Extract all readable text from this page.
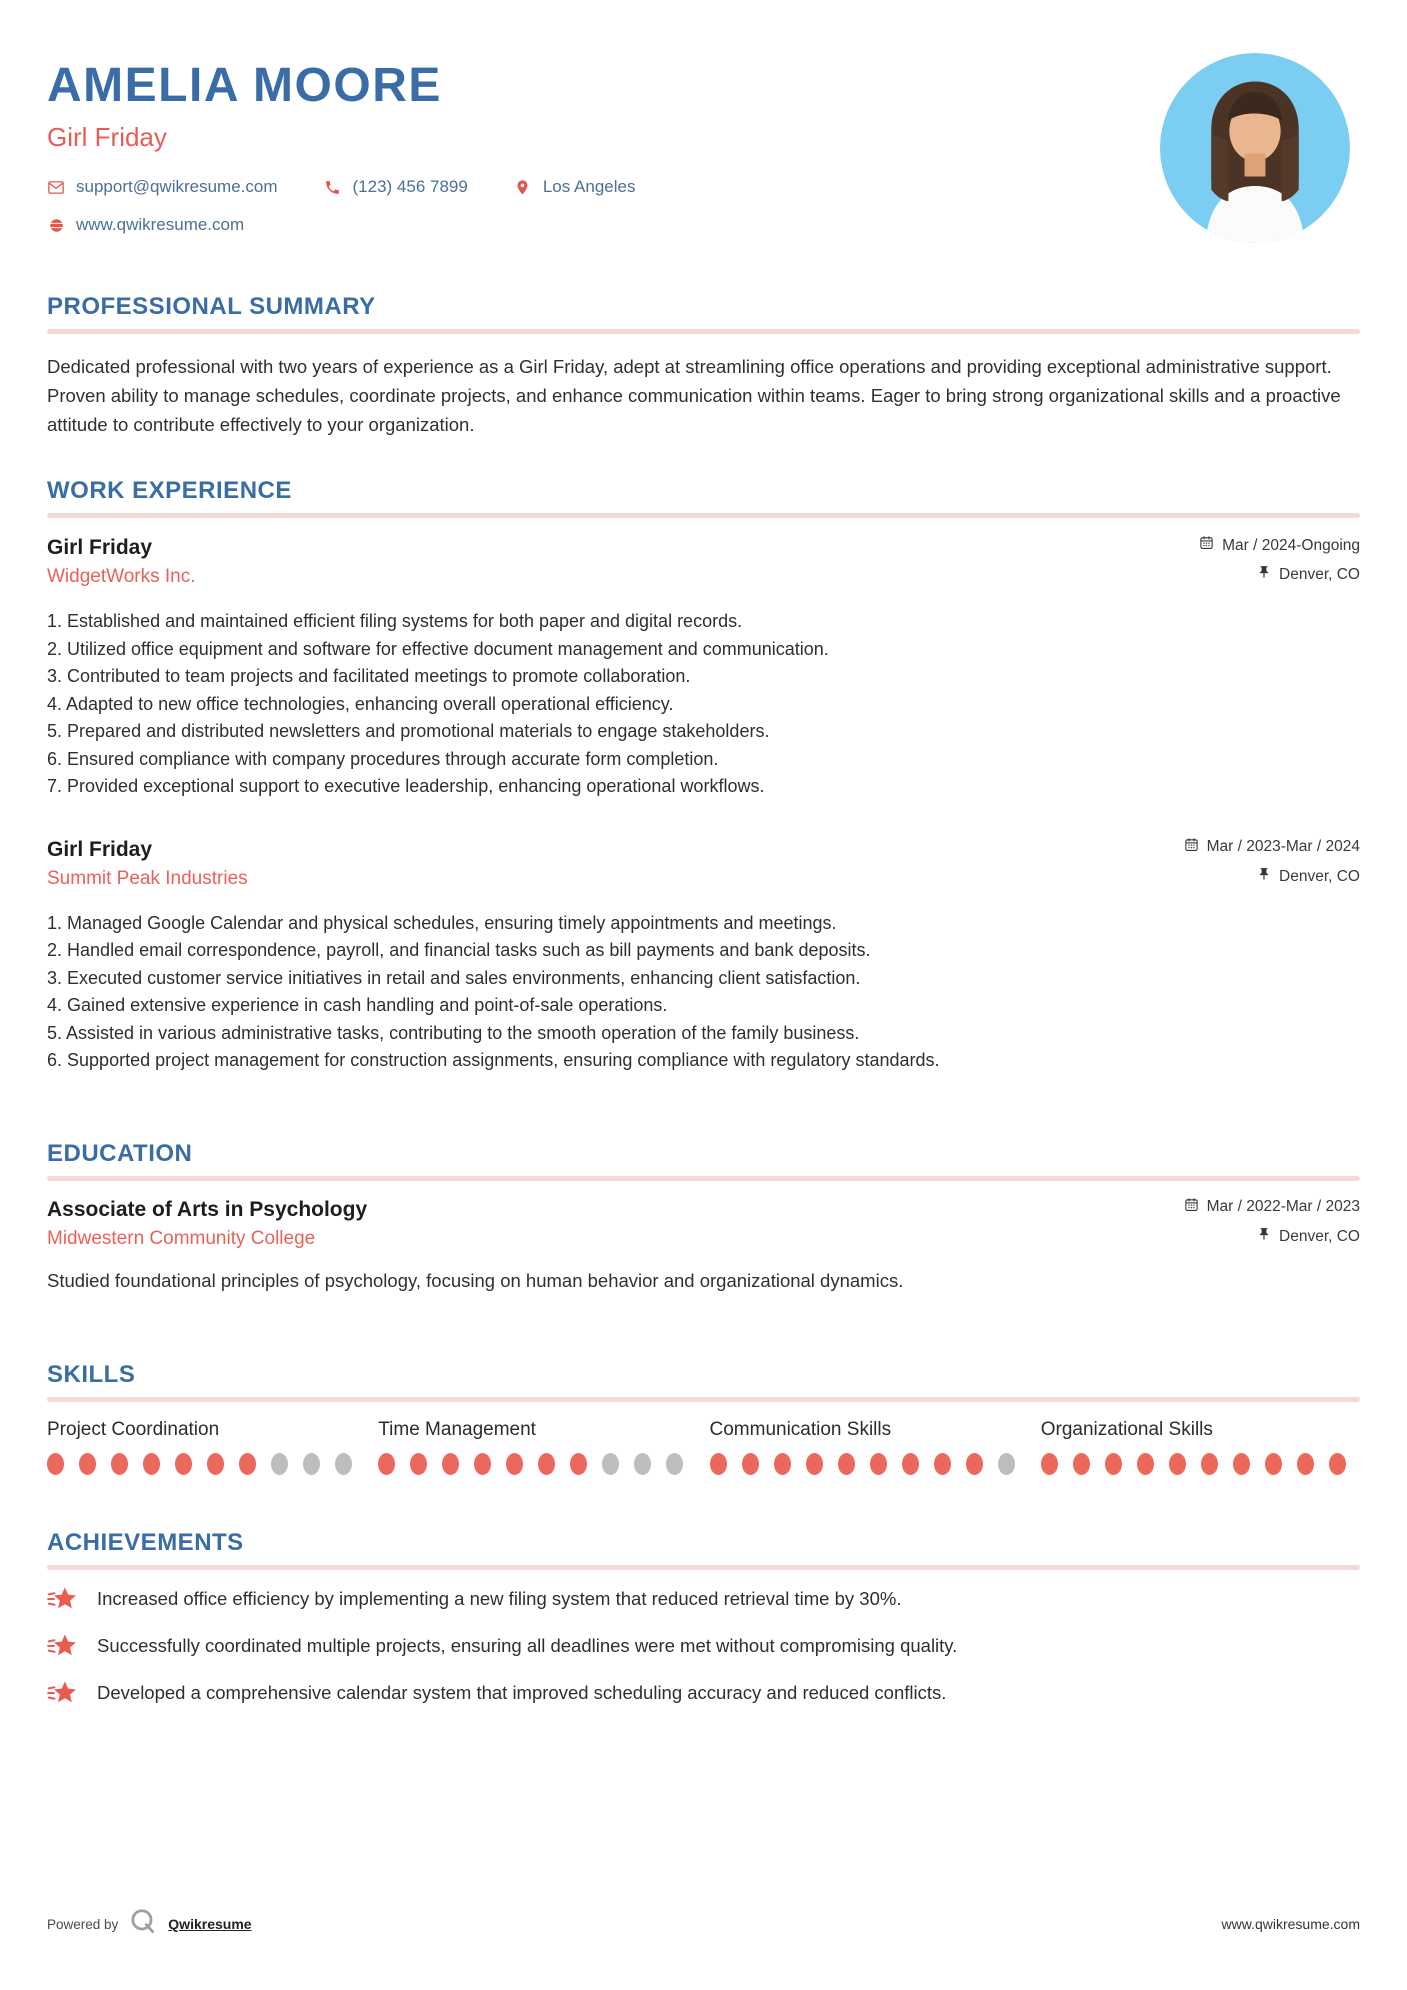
AMELIA MOORE
Girl Friday
support@qwikresume.com	(123) 456 7899	Los Angeles
www.qwikresume.com
PROFESSIONAL SUMMARY

Dedicated professional with two years of experience as a Girl Friday, adept at streamlining office operations and providing exceptional administrative support. Proven ability to manage schedules, coordinate projects, and enhance communication within teams. Eager to bring strong organizational skills and a proactive attitude to contribute effectively to your organization.

WORK EXPERIENCE
Girl Friday
WidgetWorks Inc.
Mar / 2024-Ongoing
Denver, CO
Established and maintained efficient filing systems for both paper and digital records.
Utilized office equipment and software for effective document management and communication.
Contributed to team projects and facilitated meetings to promote collaboration.
Adapted to new office technologies, enhancing overall operational efficiency.
Prepared and distributed newsletters and promotional materials to engage stakeholders.
Ensured compliance with company procedures through accurate form completion.
Provided exceptional support to executive leadership, enhancing operational workflows.
Girl Friday
Summit Peak Industries
Mar / 2023-Mar / 2024
Denver, CO
Managed Google Calendar and physical schedules, ensuring timely appointments and meetings.
Handled email correspondence, payroll, and financial tasks such as bill payments and bank deposits.
Executed customer service initiatives in retail and sales environments, enhancing client satisfaction.
Gained extensive experience in cash handling and point-of-sale operations.
Assisted in various administrative tasks, contributing to the smooth operation of the family business.
Supported project management for construction assignments, ensuring compliance with regulatory standards.
EDUCATION
Associate of Arts in Psychology
Midwestern Community College
Mar / 2022-Mar / 2023
Denver, CO

Studied foundational principles of psychology, focusing on human behavior and organizational dynamics.

SKILLS
Project Coordination	Time Management	Communication Skills	Organizational Skills
ACHIEVEMENTS
Increased office efficiency by implementing a new filing system that reduced retrieval time by 30%.
Successfully coordinated multiple projects, ensuring all deadlines were met without compromising quality.
Developed a comprehensive calendar system that improved scheduling accuracy and reduced conflicts.
Powered by	Qwikresume	www.qwikresume.com
